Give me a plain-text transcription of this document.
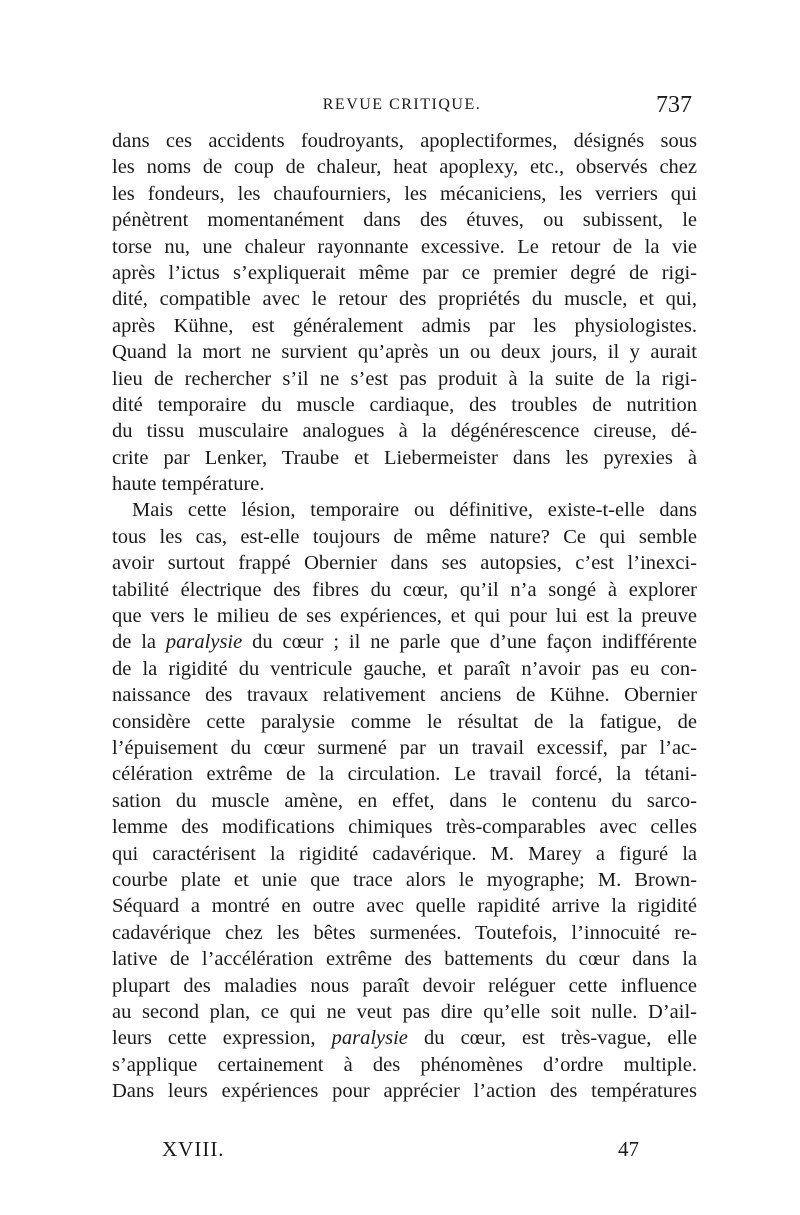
REVUE CRITIQUE.	737
dans ces accidents foudroyants, apoplectiformes, désignés sous
les noms de coup de chaleur, heat apoplexy, etc., observés chez
les fondeurs, les chaufourniers, les mécaniciens, les verriers qui
pénètrent momentanément dans des étuves, ou subissent, le
torse nu, une chaleur rayonnante excessive. Le retour de la vie
après l’ictus s’expliquerait même par ce premier degré de rigi-
dité, compatible avec le retour des propriétés du muscle, et qui,
après Kühne, est généralement admis par les physiologistes.
Quand la mort ne survient qu’après un ou deux jours, il y aurait
lieu de rechercher s’il ne s’est pas produit à la suite de la rigi-
dité temporaire du muscle cardiaque, des troubles de nutrition
du tissu musculaire analogues à la dégénérescence cireuse, dé-
crite par Lenker, Traube et Liebermeister dans les pyrexies à
haute température.
Mais cette lésion, temporaire ou définitive, existe-t-elle dans
tous les cas, est-elle toujours de même nature? Ce qui semble
avoir surtout frappé Obernier dans ses autopsies, c’est l’inexci-
tabilité électrique des fibres du cœur, qu’il n’a songé à explorer
que vers le milieu de ses expériences, et qui pour lui est la preuve
de la paralysie du cœur ; il ne parle que d’une façon indifférente
de la rigidité du ventricule gauche, et paraît n’avoir pas eu con-
naissance des travaux relativement anciens de Kühne. Obernier
considère cette paralysie comme le résultat de la fatigue, de
l’épuisement du cœur surmené par un travail excessif, par l’ac-
célération extrême de la circulation. Le travail forcé, la tétani-
sation du muscle amène, en effet, dans le contenu du sarco-
lemme des modifications chimiques très-comparables avec celles
qui caractérisent la rigidité cadavérique. M. Marey a figuré la
courbe plate et unie que trace alors le myographe; M. Brown-
Séquard a montré en outre avec quelle rapidité arrive la rigidité
cadavérique chez les bêtes surmenées. Toutefois, l’innocuité re-
lative de l’accélération extrême des battements du cœur dans la
plupart des maladies nous paraît devoir reléguer cette influence
au second plan, ce qui ne veut pas dire qu’elle soit nulle. D’ail-
leurs cette expression, paralysie du cœur, est très-vague, elle
s’applique certainement à des phénomènes d’ordre multiple.
Dans leurs expériences pour apprécier l’action des températures
XVIII.	47
